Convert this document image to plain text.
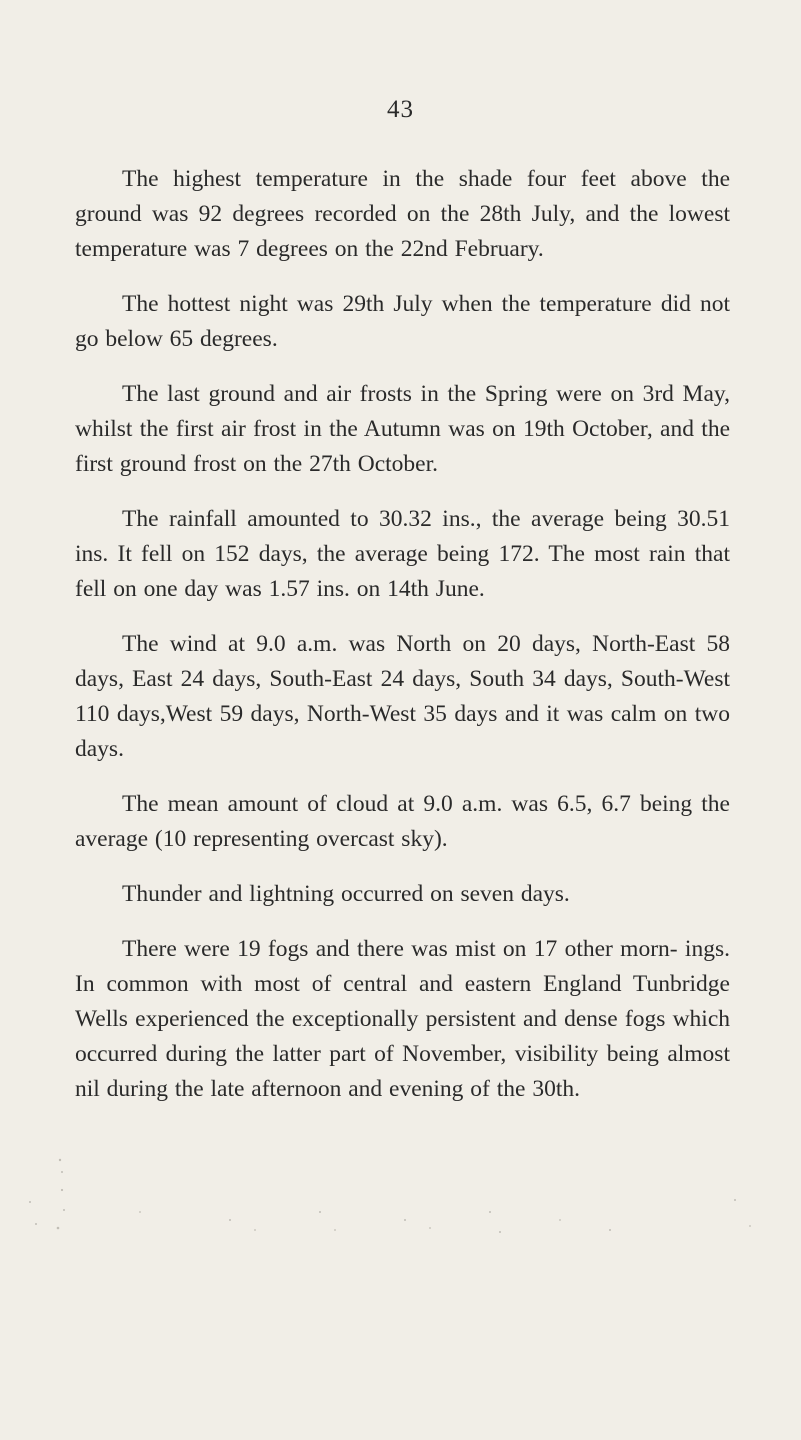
43

The highest temperature in the shade four feet above the ground was 92 degrees recorded on the 28th July, and the lowest temperature was 7 degrees on the 22nd February.

The hottest night was 29th July when the temperature did not go below 65 degrees.

The last ground and air frosts in the Spring were on 3rd May, whilst the first air frost in the Autumn was on 19th October, and the first ground frost on the 27th October.

The rainfall amounted to 30.32 ins., the average being 30.51 ins. It fell on 152 days, the average being 172. The most rain that fell on one day was 1.57 ins. on 14th June.

The wind at 9.0 a.m. was North on 20 days, North-East 58 days, East 24 days, South-East 24 days, South 34 days, South-West 110 days,West 59 days, North-West 35 days and it was calm on two days.

The mean amount of cloud at 9.0 a.m. was 6.5, 6.7 being the average (10 representing overcast sky).

Thunder and lightning occurred on seven days.

There were 19 fogs and there was mist on 17 other morn- ings. In common with most of central and eastern England Tunbridge Wells experienced the exceptionally persistent and dense fogs which occurred during the latter part of November, visibility being almost nil during the late afternoon and evening of the 30th.
